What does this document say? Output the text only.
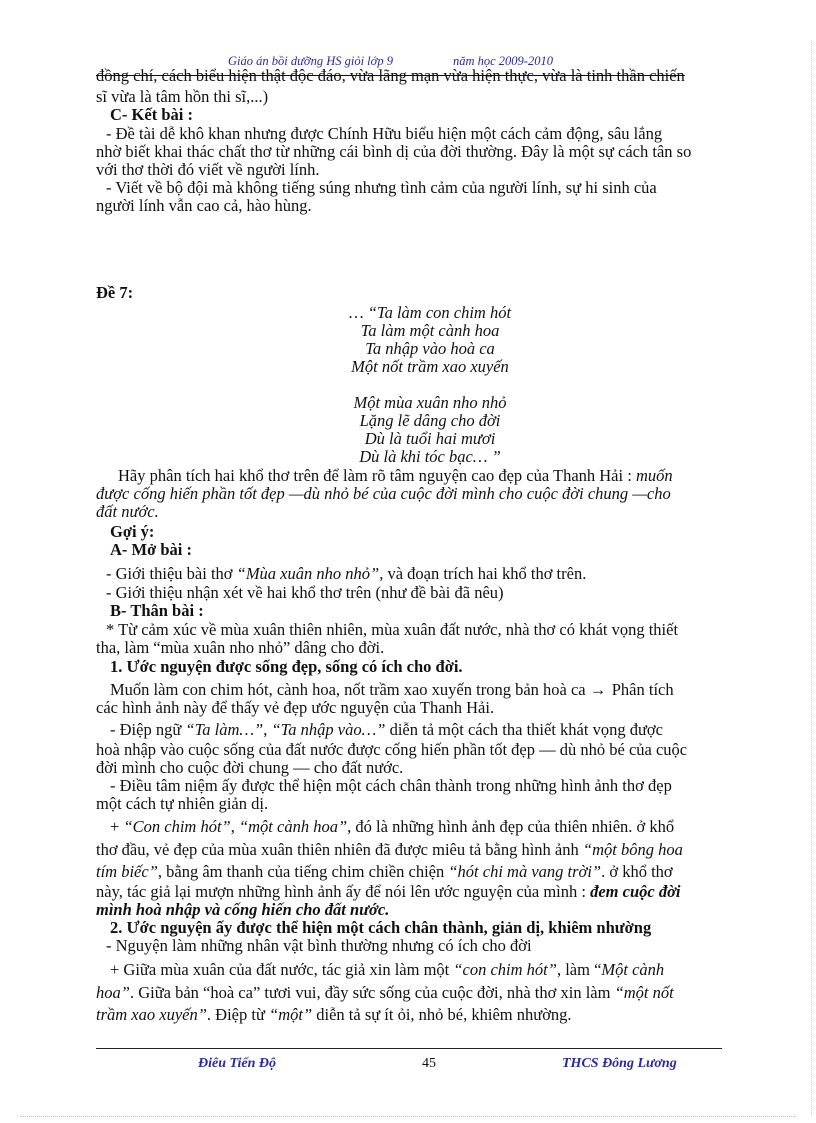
Giáo án bồi dưỡng HS giỏi lớp 9	năm học 2009-2010
đồng chí, cách biểu hiện thật độc đáo, vừa lãng mạn vừa hiện thực, vừa là tinh thần chiến
sĩ vừa là tâm hồn thi sĩ,...)
C- Kết bài :
- Đề tài dễ khô khan nhưng được Chính Hữu biểu hiện một cách cảm động, sâu lắng
nhờ biết khai thác chất thơ từ những cái bình dị của đời thường. Đây là một sự cách tân so
với thơ thời đó viết về người lính.
- Viết về bộ đội mà không tiếng súng nhưng tình cảm của người lính, sự hi sinh của
người lính vẫn cao cả, hào hùng.
Đề 7:
… “Ta làm con chim hót
Ta làm một cành hoa
Ta nhập vào hoà ca
Một nốt trầm xao xuyến
Một mùa xuân nho nhỏ
Lặng lẽ dâng cho đời
Dù là tuổi hai mươi
Dù là khi tóc bạc… ”
Hãy phân tích hai khổ thơ trên để làm rõ tâm nguyện cao đẹp của Thanh Hải : muốn
được cống hiến phần tốt đẹp —dù nhỏ bé của cuộc đời mình cho cuộc đời chung —cho
đất nước.
Gợi ý:
A- Mở bài :
- Giới thiệu bài thơ “Mùa xuân nho nhỏ”, và đoạn trích hai khổ thơ trên.
- Giới thiệu nhận xét về hai khổ thơ trên (như đề bài đã nêu)
B- Thân bài :
* Từ cảm xúc về mùa xuân thiên nhiên, mùa xuân đất nước, nhà thơ có khát vọng thiết
tha, làm “mùa xuân nho nhỏ” dâng cho đời.
1. Ước nguyện được sống đẹp, sống có ích cho đời.
Muốn làm con chim hót, cành hoa, nốt trầm xao xuyến trong bản hoà ca → Phân tích
các hình ảnh này để thấy vẻ đẹp ước nguyện của Thanh Hải.
- Điệp ngữ “Ta làm…”, “Ta nhập vào…” diễn tả một cách tha thiết khát vọng được
hoà nhập vào cuộc sống của đất nước được cống hiến phần tốt đẹp — dù nhỏ bé của cuộc
đời mình cho cuộc đời chung — cho đất nước.
- Điều tâm niệm ấy được thể hiện một cách chân thành trong những hình ảnh thơ đẹp
một cách tự nhiên giản dị.
+ “Con chim hót”, “một cành hoa”, đó là những hình ảnh đẹp của thiên nhiên. ở khổ
thơ đầu, vẻ đẹp của mùa xuân thiên nhiên đã được miêu tả bằng hình ảnh “một bông hoa
tím biếc”, bằng âm thanh của tiếng chim chiền chiện “hót chi mà vang trời”. ở khổ thơ
này, tác giả lại mượn những hình ảnh ấy để nói lên ước nguyện của mình : đem cuộc đời
mình hoà nhập và cống hiến cho đất nước.
2. Ước nguyện ấy được thể hiện một cách chân thành, giản dị, khiêm nhường
- Nguyện làm những nhân vật bình thường nhưng có ích cho đời
+ Giữa mùa xuân của đất nước, tác giả xin làm một “con chim hót”, làm “Một cành
hoa”. Giữa bản “hoà ca” tươi vui, đầy sức sống của cuộc đời, nhà thơ xin làm “một nốt
trầm xao xuyến”. Điệp từ “một” diễn tả sự ít ỏi, nhỏ bé, khiêm nhường.
Điêu Tiến Độ	45	THCS Đông Lương
